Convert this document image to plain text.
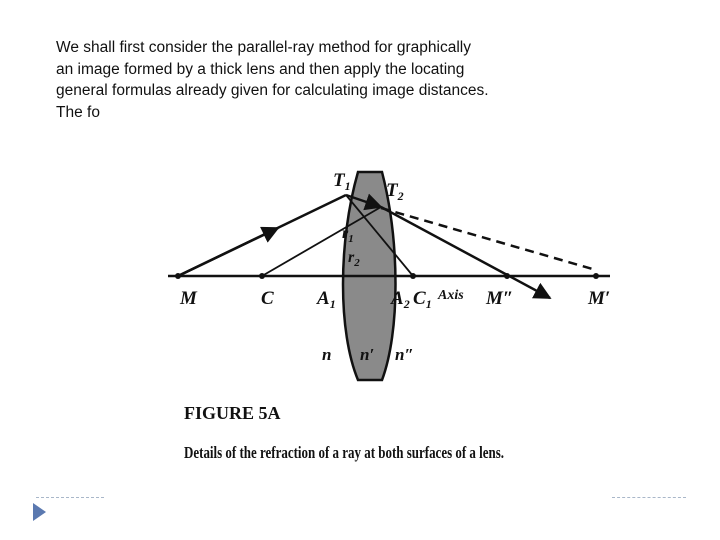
We shall first consider the parallel-ray method for graphically
an image formed by a thick lens and then apply the locating
general formulas already given for calculating image distances.
The fo
$T_1$ $T_2$
$r_1$
$r_2$
M	C $A_1$	$A_2$ $C_1$
Axis M″	M′
n n′ n″
FIGURE 5A
Details of the refraction of a ray at both surfaces of a lens.
